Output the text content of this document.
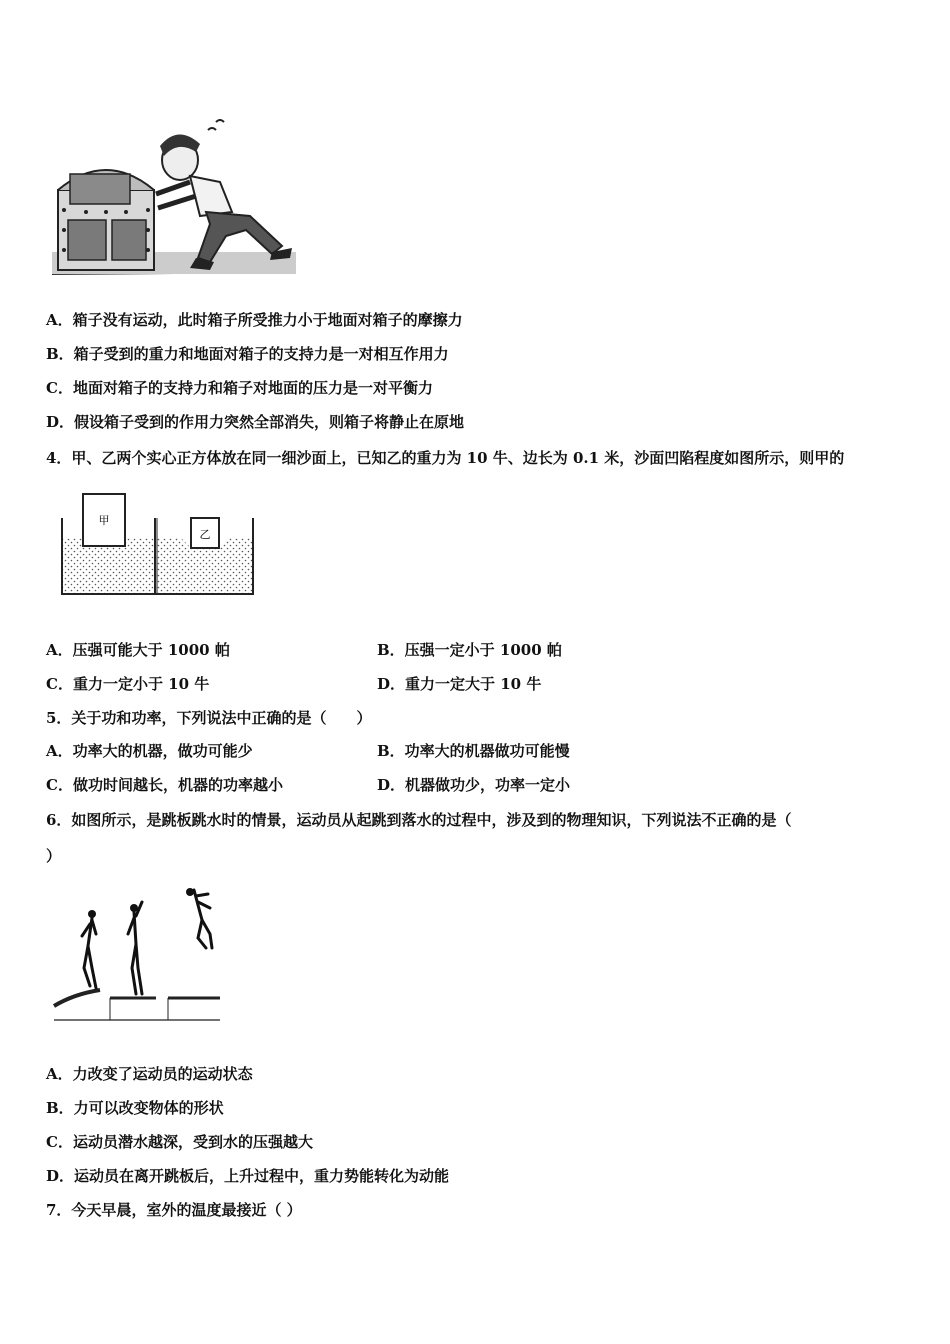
A．箱子没有运动，此时箱子所受推力小于地面对箱子的摩擦力
B．箱子受到的重力和地面对箱子的支持力是一对相互作用力
C．地面对箱子的支持力和箱子对地面的压力是一对平衡力
D．假设箱子受到的作用力突然全部消失，则箱子将静止在原地
4．甲、乙两个实心正方体放在同一细沙面上，已知乙的重力为 10 牛、边长为 0.1 米，沙面凹陷程度如图所示，则甲的
甲
乙
A．压强可能大于 1000 帕	B．压强一定小于 1000 帕
C．重力一定小于 10 牛	D．重力一定大于 10 牛
5．关于功和功率，下列说法中正确的是（　　）
A．功率大的机器，做功可能少	B．功率大的机器做功可能慢
C．做功时间越长，机器的功率越小	D．机器做功少，功率一定小
6．如图所示，是跳板跳水时的情景，运动员从起跳到落水的过程中，涉及到的物理知识，下列说法不正确的是（
）
A．力改变了运动员的运动状态
B．力可以改变物体的形状
C．运动员潜水越深，受到水的压强越大
D．运动员在离开跳板后，上升过程中，重力势能转化为动能
7．今天早晨，室外的温度最接近（ ）
